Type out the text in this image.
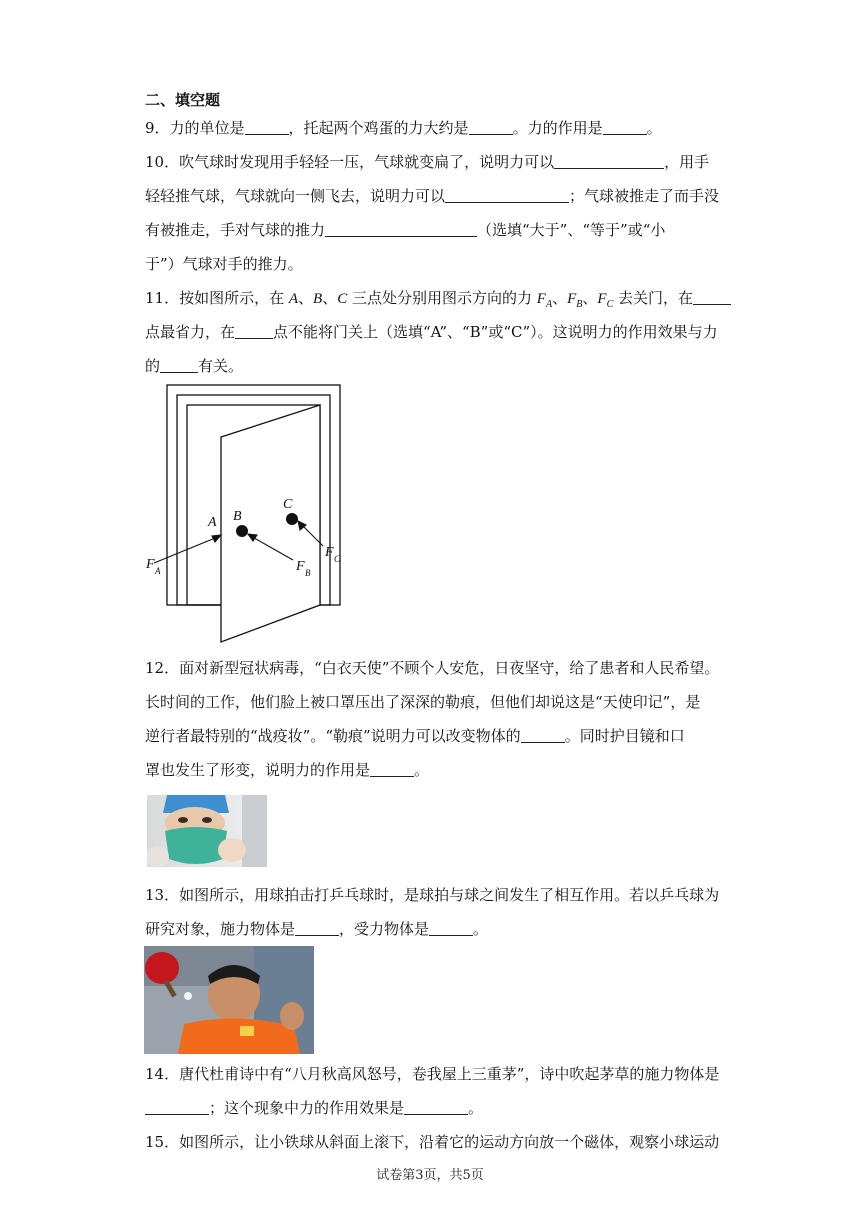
二、填空题
9．力的单位是	，托起两个鸡蛋的力大约是	。力的作用是	。
10．吹气球时发现用手轻轻一压，气球就变扁了，说明力可以	，用手
轻轻推气球，气球就向一侧飞去，说明力可以	；气球被推走了而手没
有被推走，手对气球的推力	（选填“大于”、“等于”或“小
于”）气球对手的推力。
11．按如图所示，在 A、B、C 三点处分别用图示方向的力 $F_A$、$F_B$、$F_C$ 去关门，在
点最省力，在	点不能将门关上（选填“A”、“B”或“C”）。这说明力的作用效果与力
的	有关。
A B
C
F A	F B
F C
12．面对新型冠状病毒，“白衣天使”不顾个人安危，日夜坚守，给了患者和人民希望。
长时间的工作，他们脸上被口罩压出了深深的勒痕，但他们却说这是“天使印记”，是
逆行者最特别的“战疫妆”。“勒痕”说明力可以改变物体的	。同时护目镜和口
罩也发生了形变，说明力的作用是	。
13．如图所示，用球拍击打乒乓球时，是球拍与球之间发生了相互作用。若以乒乓球为
研究对象，施力物体是	，受力物体是	。
14．唐代杜甫诗中有“八月秋高风怒号，卷我屋上三重茅”，诗中吹起茅草的施力物体是
；这个现象中力的作用效果是	。
15．如图所示，让小铁球从斜面上滚下，沿着它的运动方向放一个磁体，观察小球运动
试卷第3页，共5页
